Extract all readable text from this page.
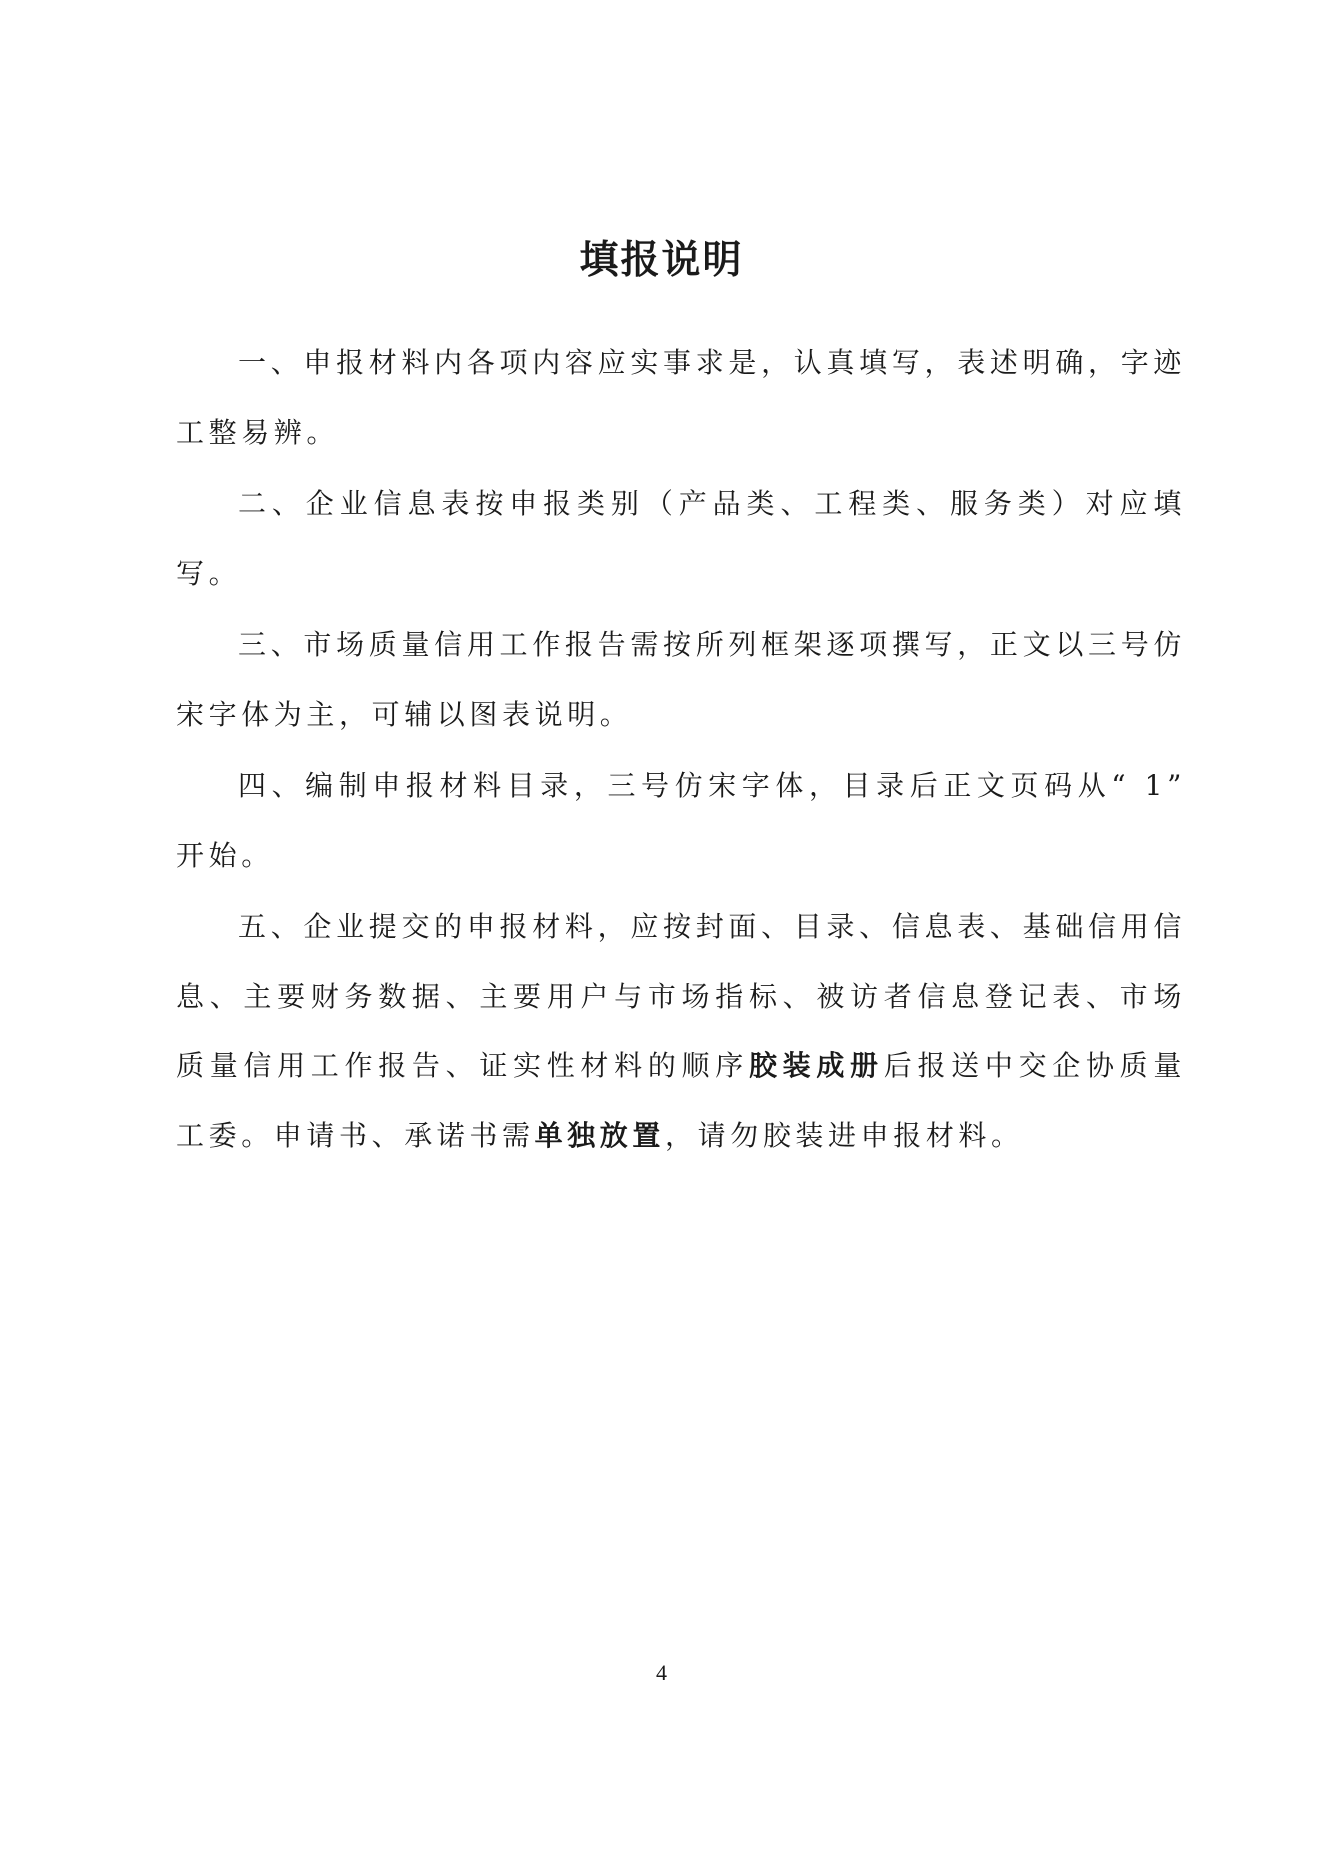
填报说明

一、申报材料内各项内容应实事求是，认真填写，表述明确，字迹工整易辨。

二、企业信息表按申报类别（产品类、工程类、服务类）对应填写。

三、市场质量信用工作报告需按所列框架逐项撰写，正文以三号仿宋字体为主，可辅以图表说明。

四、编制申报材料目录，三号仿宋字体，目录后正文页码从“ 1” 开始。

五、企业提交的申报材料，应按封面、目录、信息表、基础信用信息、主要财务数据、主要用户与市场指标、被访者信息登记表、市场质量信用工作报告、证实性材料的顺序胶装成册后报送中交企协质量工委。申请书、承诺书需单独放置，请勿胶装进申报材料。

4
